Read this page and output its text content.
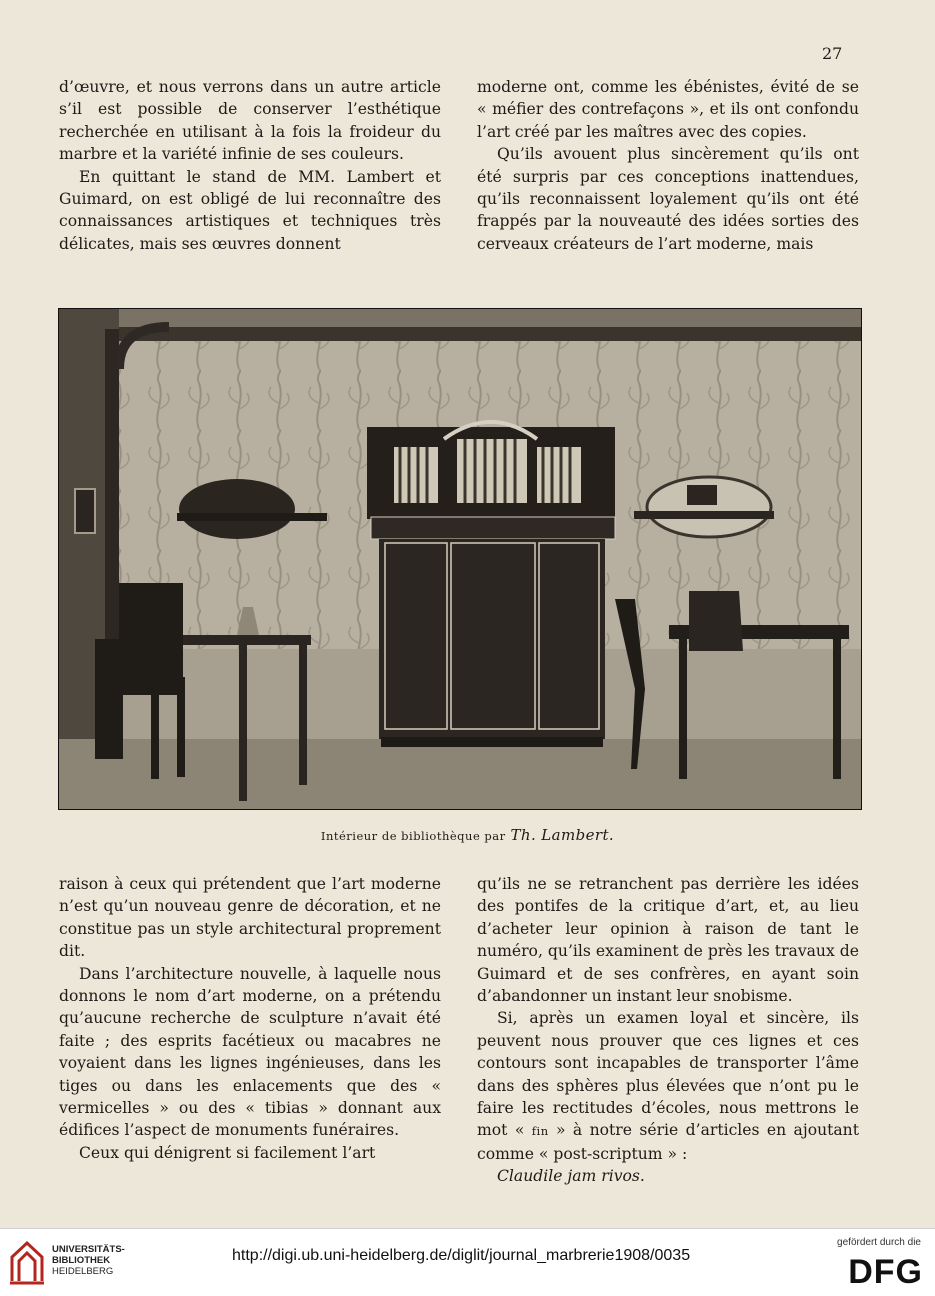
27

d’œuvre, et nous verrons dans un autre article s’il est possible de conserver l’esthétique recherchée en utilisant à la fois la froideur du marbre et la variété infinie de ses couleurs.

En quittant le stand de MM. Lambert et Guimard, on est obligé de lui reconnaître des connaissances artistiques et techniques très délicates, mais ses œuvres donnent

moderne ont, comme les ébénistes, évité de se « méfier des contrefaçons », et ils ont confondu l’art créé par les maîtres avec des copies.

Qu’ils avouent plus sincèrement qu’ils ont été surpris par ces conceptions inattendues, qu’ils reconnaissent loyalement qu’ils ont été frappés par la nouveauté des idées sorties des cerveaux créateurs de l’art moderne, mais

Intérieur de bibliothèque par Th. Lambert.

raison à ceux qui prétendent que l’art moderne n’est qu’un nouveau genre de décoration, et ne constitue pas un style architectural proprement dit.

Dans l’architecture nouvelle, à laquelle nous donnons le nom d’art moderne, on a prétendu qu’aucune recherche de sculpture n’avait été faite ; des esprits facétieux ou macabres ne voyaient dans les lignes ingénieuses, dans les tiges ou dans les enlacements que des « vermicelles » ou des « tibias » donnant aux édifices l’aspect de monuments funéraires.

Ceux qui dénigrent si facilement l’art

qu’ils ne se retranchent pas derrière les idées des pontifes de la critique d’art, et, au lieu d’acheter leur opinion à raison de tant le numéro, qu’ils examinent de près les travaux de Guimard et de ses confrères, en ayant soin d’abandonner un instant leur snobisme.

Si, après un examen loyal et sincère, ils peuvent nous prouver que ces lignes et ces contours sont incapables de transporter l’âme dans des sphères plus élevées que n’ont pu le faire les rectitudes d’écoles, nous mettrons le mot « fin » à notre série d’articles en ajoutant comme « post-scriptum » :

Claudile jam rivos.

UNIVERSITÄTS-
BIBLIOTHEK
HEIDELBERG
http://digi.ub.uni-heidelberg.de/diglit/journal_marbrerie1908/0035
gefördert durch die
DFG
